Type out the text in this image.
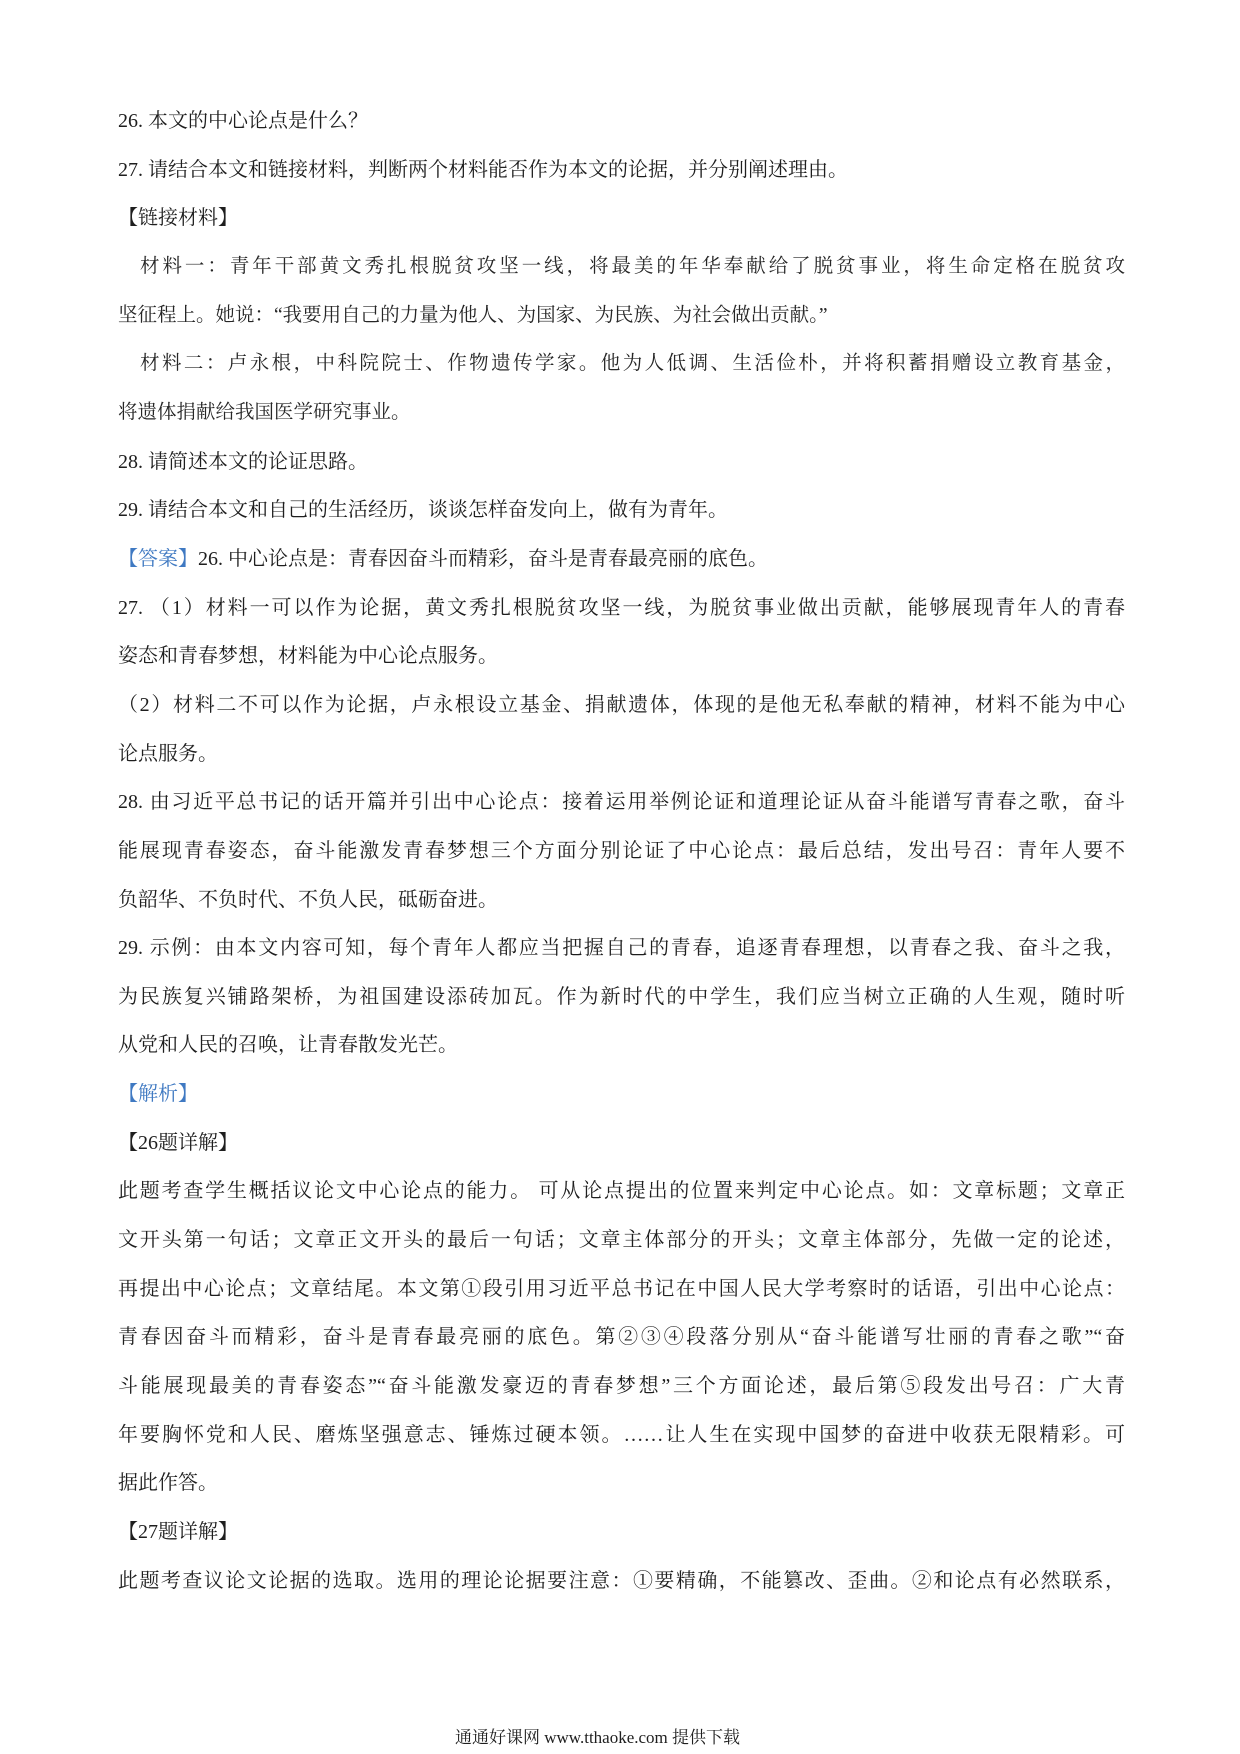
26. 本文的中心论点是什么？
27. 请结合本文和链接材料，判断两个材料能否作为本文的论据，并分别阐述理由。
【链接材料】
材料一：青年干部黄文秀扎根脱贫攻坚一线，将最美的年华奉献给了脱贫事业，将生命定格在脱贫攻
坚征程上。她说：“我要用自己的力量为他人、为国家、为民族、为社会做出贡献。”
材料二：卢永根，中科院院士、作物遗传学家。他为人低调、生活俭朴，并将积蓄捐赠设立教育基金，
将遗体捐献给我国医学研究事业。
28. 请简述本文的论证思路。
29. 请结合本文和自己的生活经历，谈谈怎样奋发向上，做有为青年。
【答案】26. 中心论点是：青春因奋斗而精彩，奋斗是青春最亮丽的底色。
27. （1）材料一可以作为论据，黄文秀扎根脱贫攻坚一线，为脱贫事业做出贡献，能够展现青年人的青春
姿态和青春梦想，材料能为中心论点服务。
（2）材料二不可以作为论据，卢永根设立基金、捐献遗体，体现的是他无私奉献的精神，材料不能为中心
论点服务。
28. 由习近平总书记的话开篇并引出中心论点：接着运用举例论证和道理论证从奋斗能谱写青春之歌，奋斗
能展现青春姿态，奋斗能激发青春梦想三个方面分别论证了中心论点：最后总结，发出号召：青年人要不
负韶华、不负时代、不负人民，砥砺奋进。
29. 示例：由本文内容可知，每个青年人都应当把握自己的青春，追逐青春理想，以青春之我、奋斗之我，
为民族复兴铺路架桥，为祖国建设添砖加瓦。作为新时代的中学生，我们应当树立正确的人生观，随时听
从党和人民的召唤，让青春散发光芒。
【解析】
【26题详解】
此题考查学生概括议论文中心论点的能力。 可从论点提出的位置来判定中心论点。如：文章标题；文章正
文开头第一句话；文章正文开头的最后一句话；文章主体部分的开头；文章主体部分，先做一定的论述，
再提出中心论点；文章结尾。本文第①段引用习近平总书记在中国人民大学考察时的话语，引出中心论点：
青春因奋斗而精彩，奋斗是青春最亮丽的底色。第②③④段落分别从“奋斗能谱写壮丽的青春之歌”“奋
斗能展现最美的青春姿态”“奋斗能激发豪迈的青春梦想”三个方面论述，最后第⑤段发出号召：广大青
年要胸怀党和人民、磨炼坚强意志、锤炼过硬本领。……让人生在实现中国梦的奋进中收获无限精彩。可
据此作答。
【27题详解】
此题考查议论文论据的选取。选用的理论论据要注意：①要精确，不能篡改、歪曲。②和论点有必然联系，
通通好课网 www.tthaoke.com 提供下载
